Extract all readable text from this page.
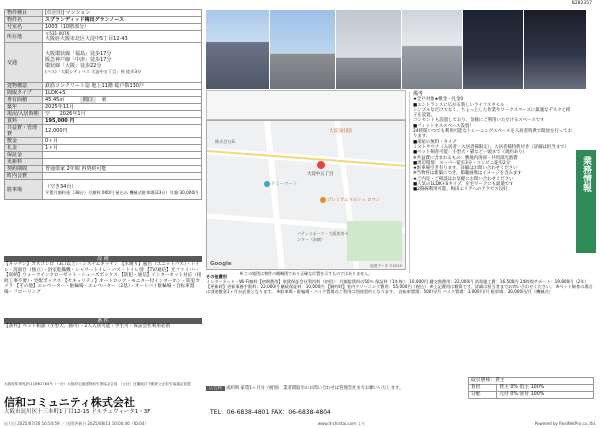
B282357
物件種目	[住居用] マンション
物件名	スプランディッド梅田グランノース
号室名	1003（10階部分）
所在地	〒531-0076
大阪府大阪市北区大淀中5丁目12-43

交通	大阪環状線「福島」徒歩17分
阪急神戸線「中津」徒歩17分
環状線「大阪」徒歩22分
(バス)「大阪シティバス 大淀中五丁目」停 徒歩3分

建物構造	鉄筋コンクリート造 地上11階 総戸数130戸
間取タイプ	1LDK+S
専有面積	45.45㎡ 間口 東
築年	2025年11月
現況/入居時期	空 2026年1月
賃料	195,000 円
共益費・管理費	12,000円
敷金	0ヶ月
礼金	1ヶ月
保証金	
更新料	
契約期間	普通借家 2年間 再契約可能
町内会費	
駐車場	（空き34台）
平置月額料金（38台）月額料 000円 屋込み 機械式駐車場(23台）月額 30,000円
設 備
【キッチン】ガスコンロ（3口以上）・システムキッチン 【水廻り】風呂（ユニットバス）・トイレ・洗面台（独立）・浴室乾燥機・シャワートイレ・バス・トイレ別 【TV/通信】光ファイバー 【収納】ウォークインクローゼット・シューズボックス 【防犯・通信】インターネット対応（接続工事不要）・宅配ボックス 【セキュリティ】オートロック・モニター付インターホン・防犯カメラ 【その他】エレベーター・駐輪場・エレベーター（2基）・オートバイ駐輪場・自転車置場・フローリング
条 件
【条件】ペット相談（小型犬、猫可）・2人入居可能・学生可・保証会社利用必須
大淀南(南)
株式会社G
大淀中五丁目
プレミアムマルシェ ロマン
ドミーマート
パティスポーツ・大阪体育センター（南側）
Google	地図データ ©2025
※ この地図は物件の概略図であり正確な位置を示すものではありません。
備考
★全戸対象★敷金・礼金0
■エントランスに広がる新しいライフスタイル
シンプルなだけでなく、ちょっとした作業やワークスペースに最適なデスクと椅子を設置。
コンセントも設置しており、気軽にご利用いただけるスペースです
■フィットネススペース設置！
24時間いつでも利用可能なトレーニングスペースを入居者特典で開放を行っております。
■部屋の無料・タイプ
ミストサウナ（入居者・入居者様限定）、入居者様特典付き（詳細は担当まで）
■ペット飼育可能：小型犬・猫など一頭まで（規約あり）
※共益費に含まれるもの：敷地内清掃・共用部光熱費
■周辺環境：スーパー徒歩3分・コンビニ徒歩2分
★駐車場空き有ります、詳細はお問い合わせください
※当物件は新築につき、掲載画像はイメージを含みます
★ご内見・ご相談はお気軽にお問い合わせください
■人気の1LDK+Sタイプ、在宅ワークにも最適です
■2路線利用可能、梅田エリアへのアクセス良好	業務情報
その他費用
インターネット・Wi-Fi無料【初期費用】家賃保証会社利用料（初回）：月額総賃料の50％ 保証料（1年毎）：10,000円 鍵交換費用：22,000円 消毒施工費：16,500円 24時間サポート：19,800円（2年） 【更新時】更新事務手数料：22,000円 継続保証料：10,000円 【解約時】室内クリーニング費用：55,000円（税込） ※上記費用は概算です。詳細は担当者までお問い合わせください。 ※ペット飼育の場合は別途敷金1ヶ月が必要となります。 ※駐車場・駐輪場・バイク置場のご利用は別途契約となります。 自転車置場：500円/月 バイク置場：3,000円/月 駐車場：30,000円/月（機械式）
広告料 成約時 家賃1ヶ月分（税別） 業者間取引のお問い合わせは管理会社までお願いいたします。
大阪府知事免許(1)第62784号（一社）大阪府宅地建物取引業協会会員 （公社）近畿地区不動産公正取引協議会加盟
信和コミュニティ株式会社
大阪市淀川区十三本町1丁目12-15 ドルチェヴィータ1・3F	TEL：06-6838-4801 FAX：06-6838-4804
取引態様：貸主	
負担	貸主 0% 借主 100%
分配	元付 0% 客付 100%
出力日 2025/07/30 16:54:59 ／ 出図更新日 2025/08/13 10:04:46（ID:04）	www.it-chintai.com より	Powered by RealNetPro co.,ltd.
